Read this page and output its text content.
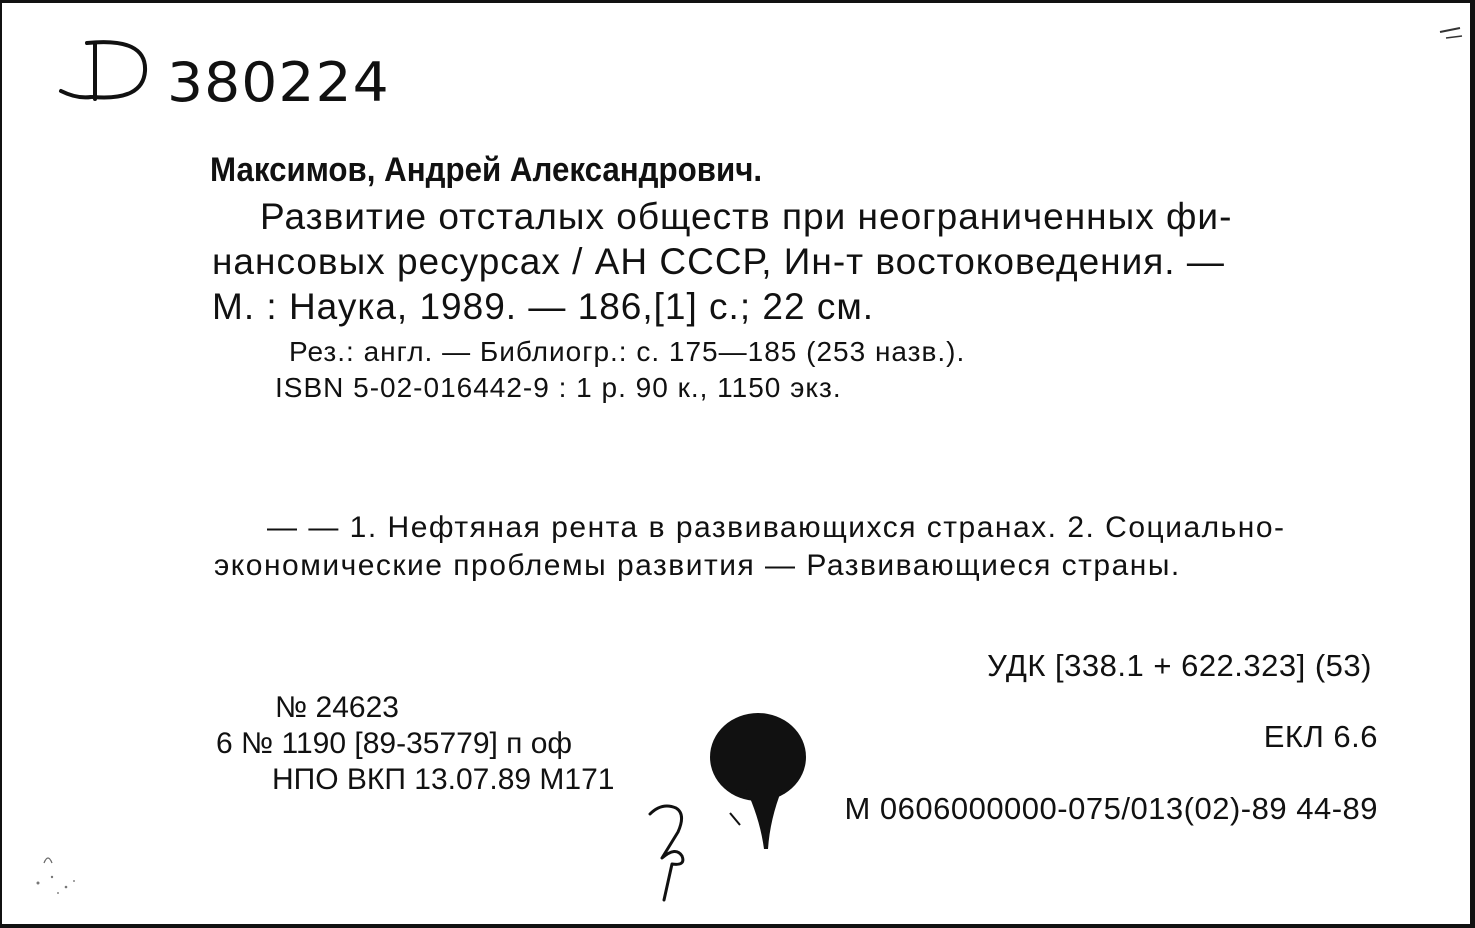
380224
Максимов, Андрей Александрович.
Развитие отсталых обществ при неограниченных фи-
нансовых ресурсах / АН СССР, Ин-т востоковедения. —
М. : Наука, 1989. — 186,[1] с.; 22 см.
Рез.: англ. — Библиогр.: с. 175—185 (253 назв.).
ISBN 5-02-016442-9 : 1 р. 90 к., 1150 экз.
— — 1. Нефтяная рента в развивающихся странах. 2. Социально-
экономические проблемы развития — Развивающиеся страны.
УДК [338.1 + 622.323] (53)
ЕКЛ 6.6
М 0606000000-075/013(02)-89 44-89
№ 24623
6 № 1190 [89-35779] п оф
НПО ВКП 13.07.89 М171
